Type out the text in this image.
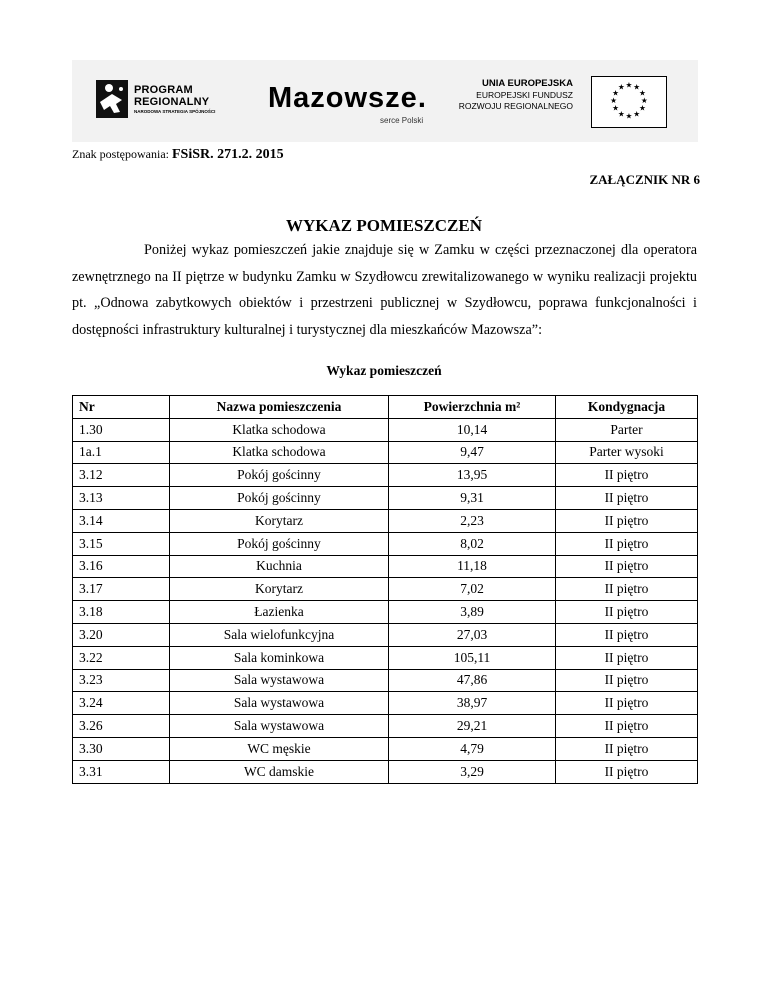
PROGRAM
REGIONALNY
NARODOWA STRATEGIA SPÓJNOŚCI Mazowsze.
serce Polski
UNIA EUROPEJSKA
EUROPEJSKI FUNDUSZ
ROZWOJU REGIONALNEGO
★ ★
★
★
★
★
★
★
★
★
★
★
Znak postępowania: FSiSR. 271.2. 2015
ZAŁĄCZNIK NR 6
WYKAZ POMIESZCZEŃ

Poniżej wykaz pomieszczeń jakie znajduje się w Zamku w części przeznaczonej dla operatora zewnętrznego na II piętrze w budynku Zamku w Szydłowcu zrewitalizowanego w wyniku realizacji projektu pt. „Odnowa zabytkowych obiektów i przestrzeni publicznej w Szydłowcu, poprawa funkcjonalności i dostępności infrastruktury kulturalnej i turystycznej dla mieszkańców Mazowsza”:

Wykaz pomieszczeń
Nr	Nazwa pomieszczenia	Powierzchnia m²	Kondygnacja
1.30	Klatka schodowa	10,14	Parter
1a.1	Klatka schodowa	9,47	Parter wysoki
3.12	Pokój gościnny	13,95	II piętro
3.13	Pokój gościnny	9,31	II piętro
3.14	Korytarz	2,23	II piętro
3.15	Pokój gościnny	8,02	II piętro
3.16	Kuchnia	11,18	II piętro
3.17	Korytarz	7,02	II piętro
3.18	Łazienka	3,89	II piętro
3.20	Sala wielofunkcyjna	27,03	II piętro
3.22	Sala kominkowa	105,11	II piętro
3.23	Sala wystawowa	47,86	II piętro
3.24	Sala wystawowa	38,97	II piętro
3.26	Sala wystawowa	29,21	II piętro
3.30	WC męskie	4,79	II piętro
3.31	WC damskie	3,29	II piętro
